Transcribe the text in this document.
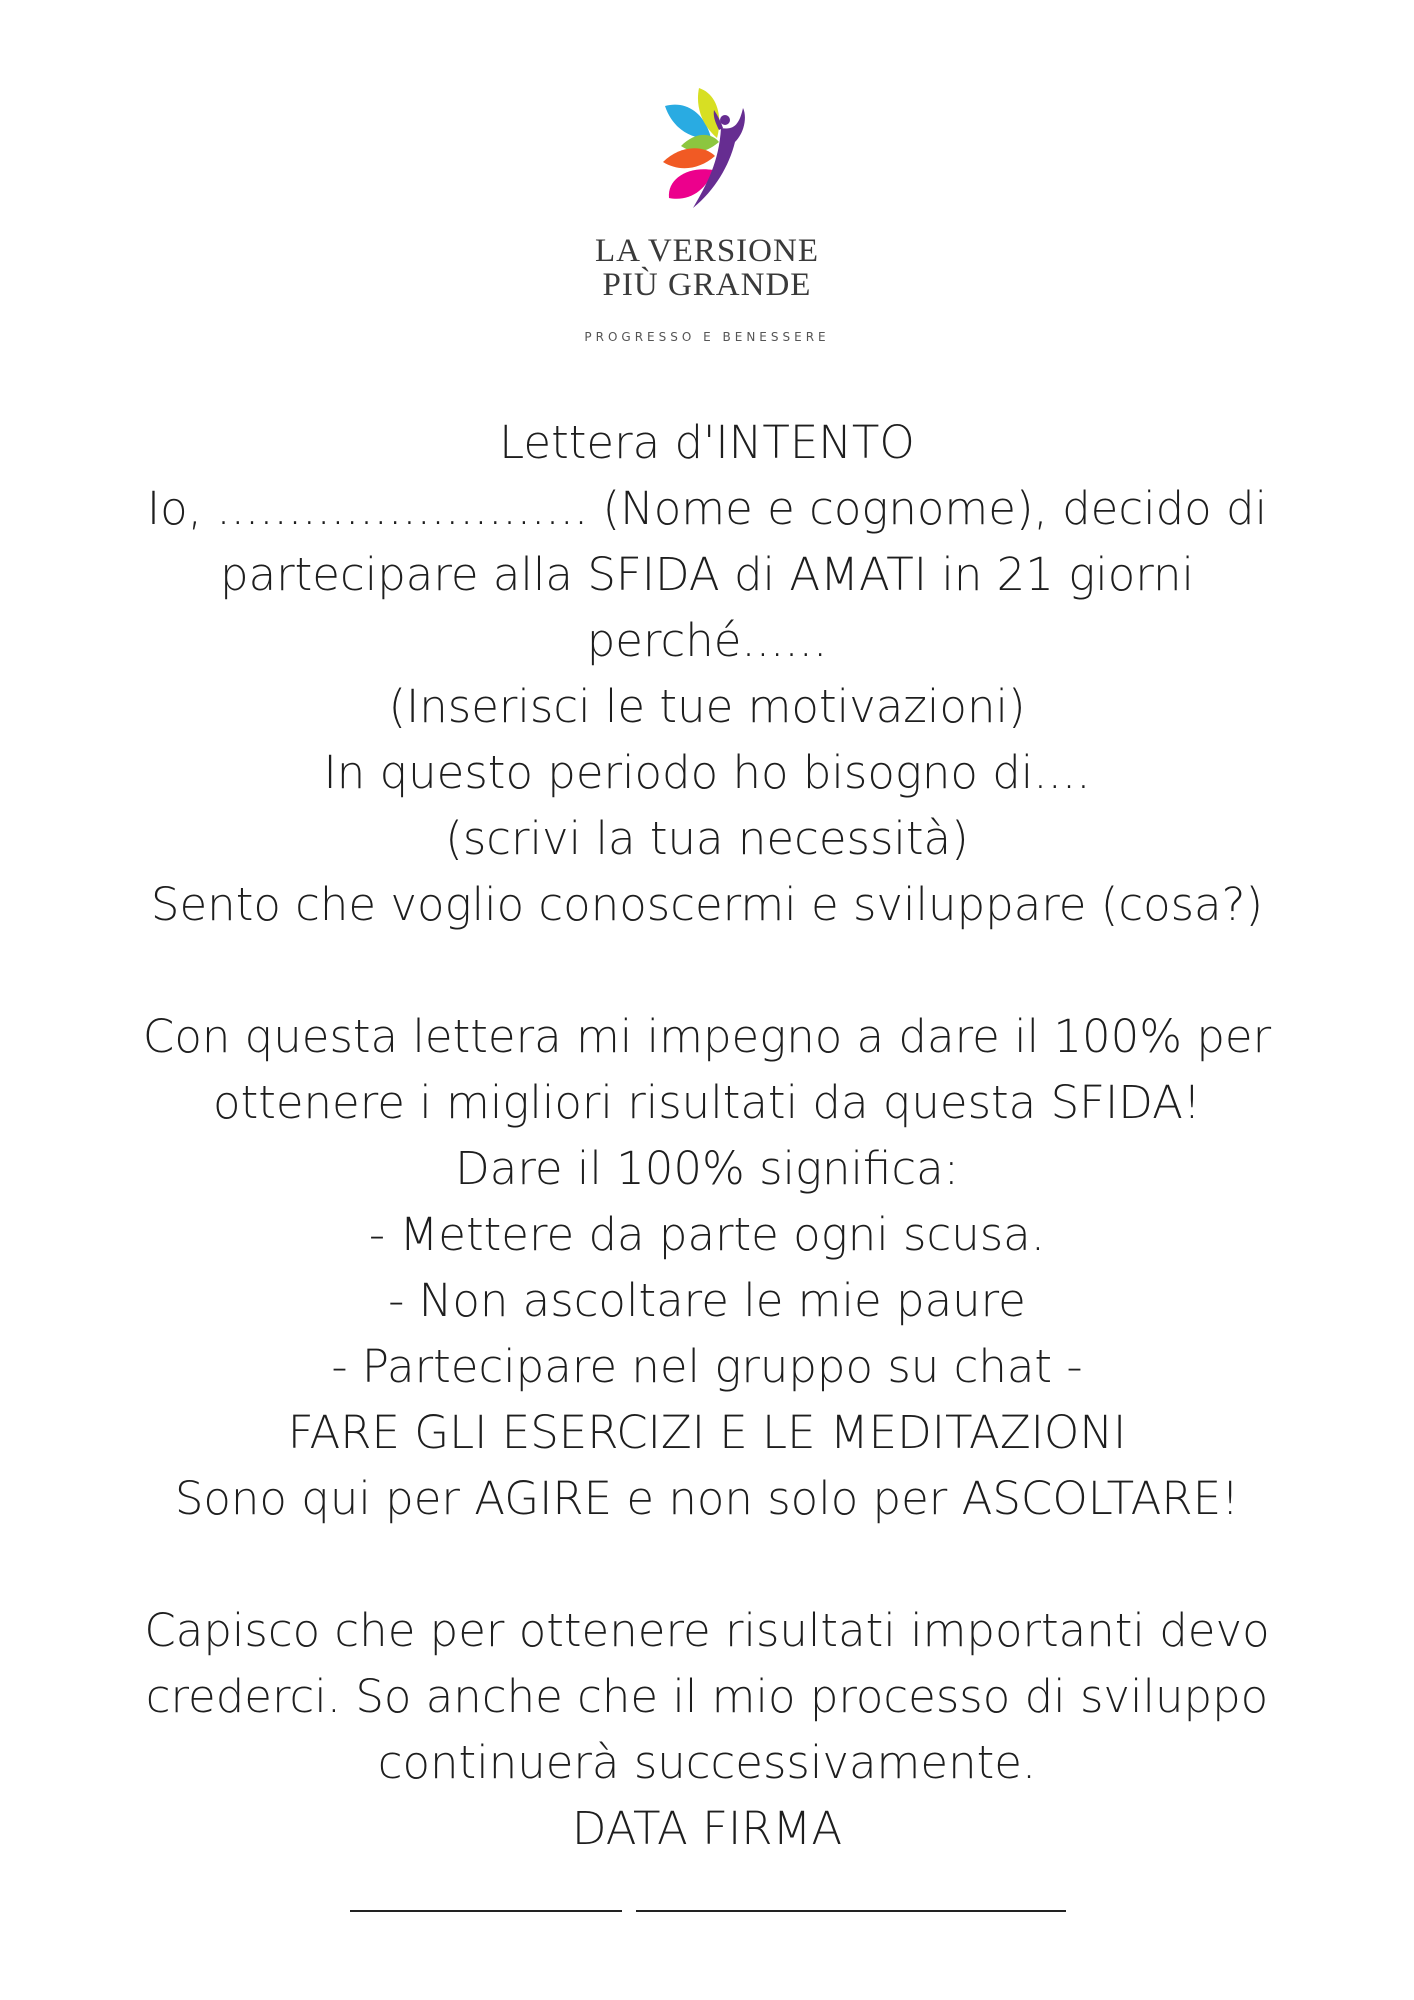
LA VERSIONE
PIÙ GRANDE
PROGRESSO E BENESSERE
Lettera d'INTENTO
Io, .......................... (Nome e cognome), decido di
partecipare alla SFIDA di AMATI in 21 giorni
perché......
(Inserisci le tue motivazioni)
In questo periodo ho bisogno di....
(scrivi la tua necessità)
Sento che voglio conoscermi e sviluppare (cosa?)
Con questa lettera mi impegno a dare il 100% per
ottenere i migliori risultati da questa SFIDA!
Dare il 100% significa:
- Mettere da parte ogni scusa.
- Non ascoltare le mie paure
- Partecipare nel gruppo su chat -
FARE GLI ESERCIZI E LE MEDITAZIONI
Sono qui per AGIRE e non solo per ASCOLTARE!
Capisco che per ottenere risultati importanti devo
crederci. So anche che il mio processo di sviluppo
continuerà successivamente.
DATA FIRMA
